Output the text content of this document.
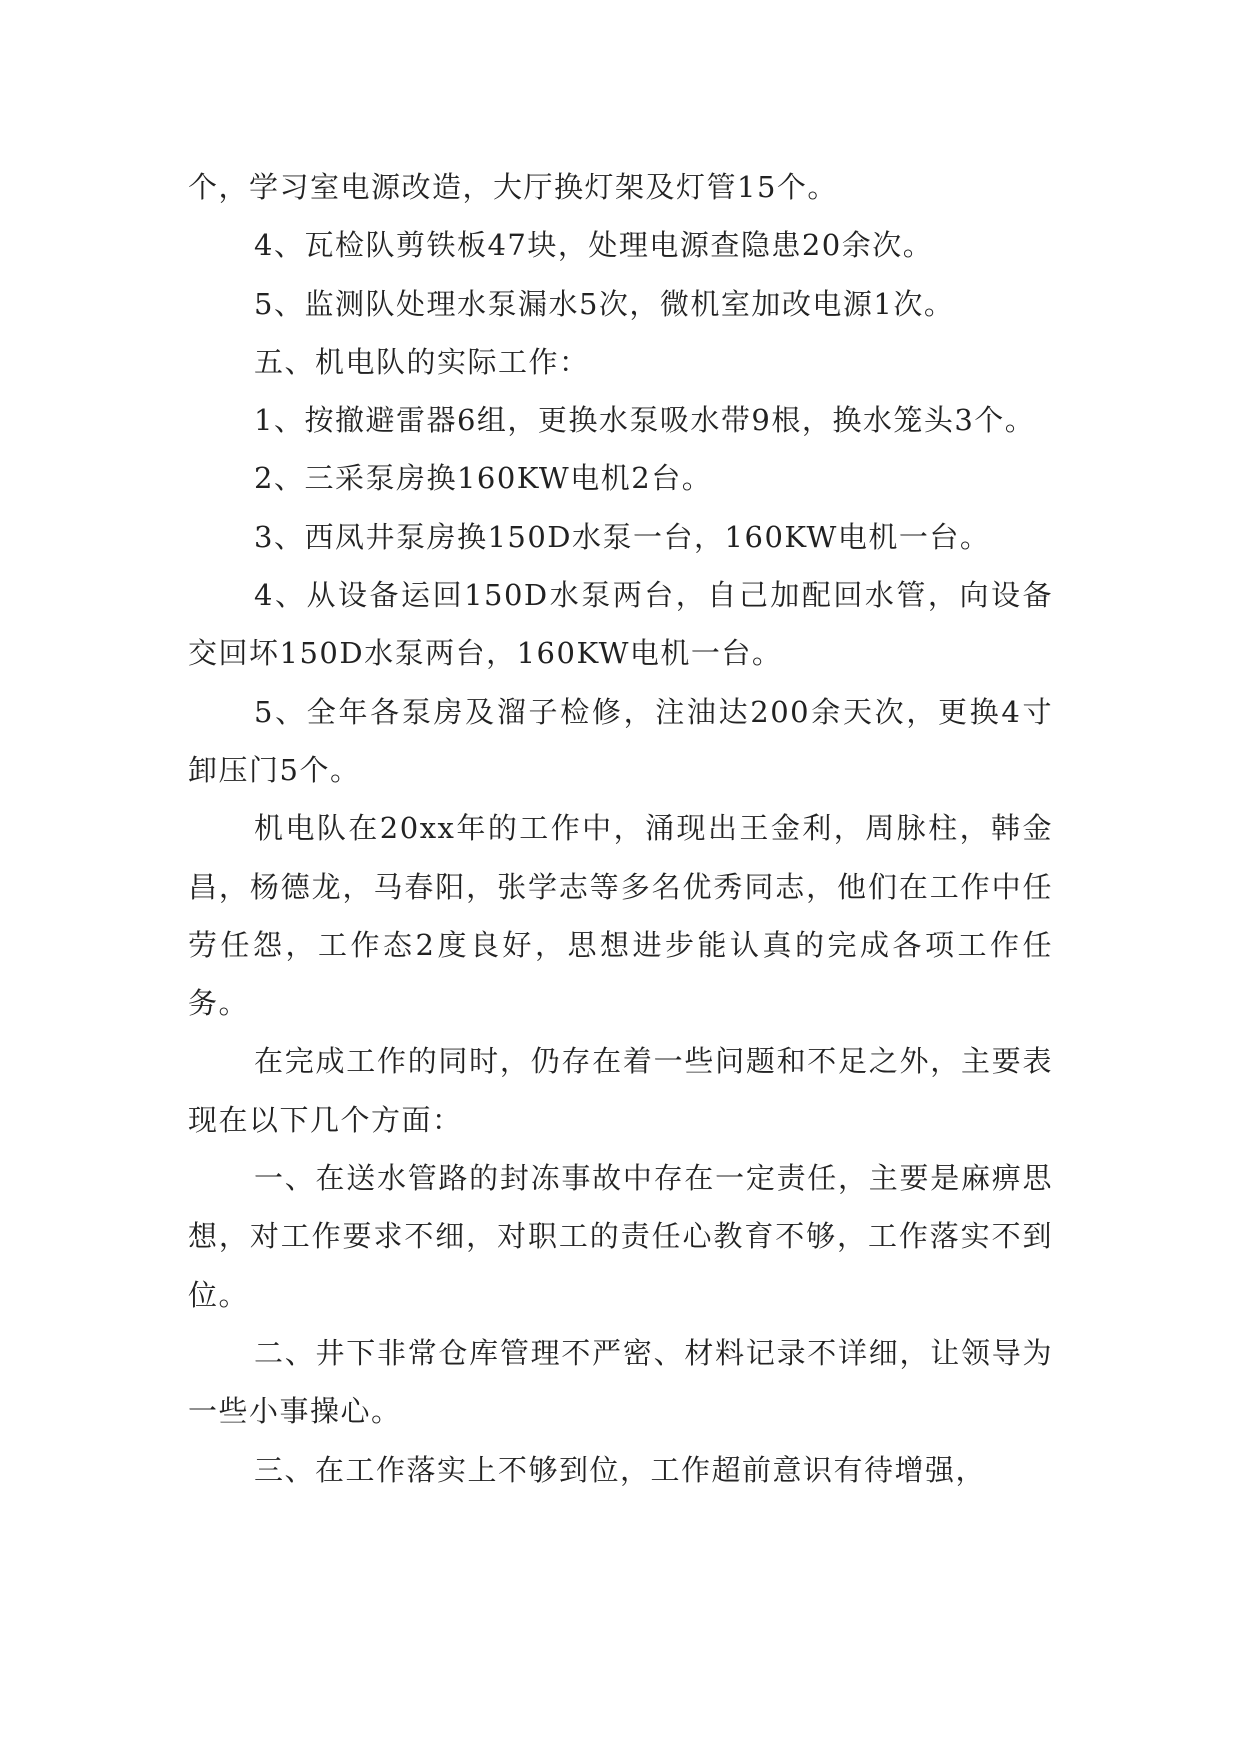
个，学习室电源改造，大厅换灯架及灯管15个。

4、瓦检队剪铁板47块，处理电源查隐患20余次。

5、监测队处理水泵漏水5次，微机室加改电源1次。

五、机电队的实际工作：

1、按撤避雷器6组，更换水泵吸水带9根，换水笼头3个。

2、三采泵房换160KW电机2台。

3、西凤井泵房换150D水泵一台，160KW电机一台。

4、从设备运回150D水泵两台，自己加配回水管，向设备交回坏150D水泵两台，160KW电机一台。

5、全年各泵房及溜子检修，注油达200余天次，更换4寸卸压门5个。

机电队在20xx年的工作中，涌现出王金利，周脉柱，韩金昌，杨德龙，马春阳，张学志等多名优秀同志，他们在工作中任劳任怨，工作态2度良好，思想进步能认真的完成各项工作任务。

在完成工作的同时，仍存在着一些问题和不足之外，主要表现在以下几个方面：

一、在送水管路的封冻事故中存在一定责任，主要是麻痹思想，对工作要求不细，对职工的责任心教育不够，工作落实不到位。

二、井下非常仓库管理不严密、材料记录不详细，让领导为一些小事操心。

三、在工作落实上不够到位，工作超前意识有待增强，
